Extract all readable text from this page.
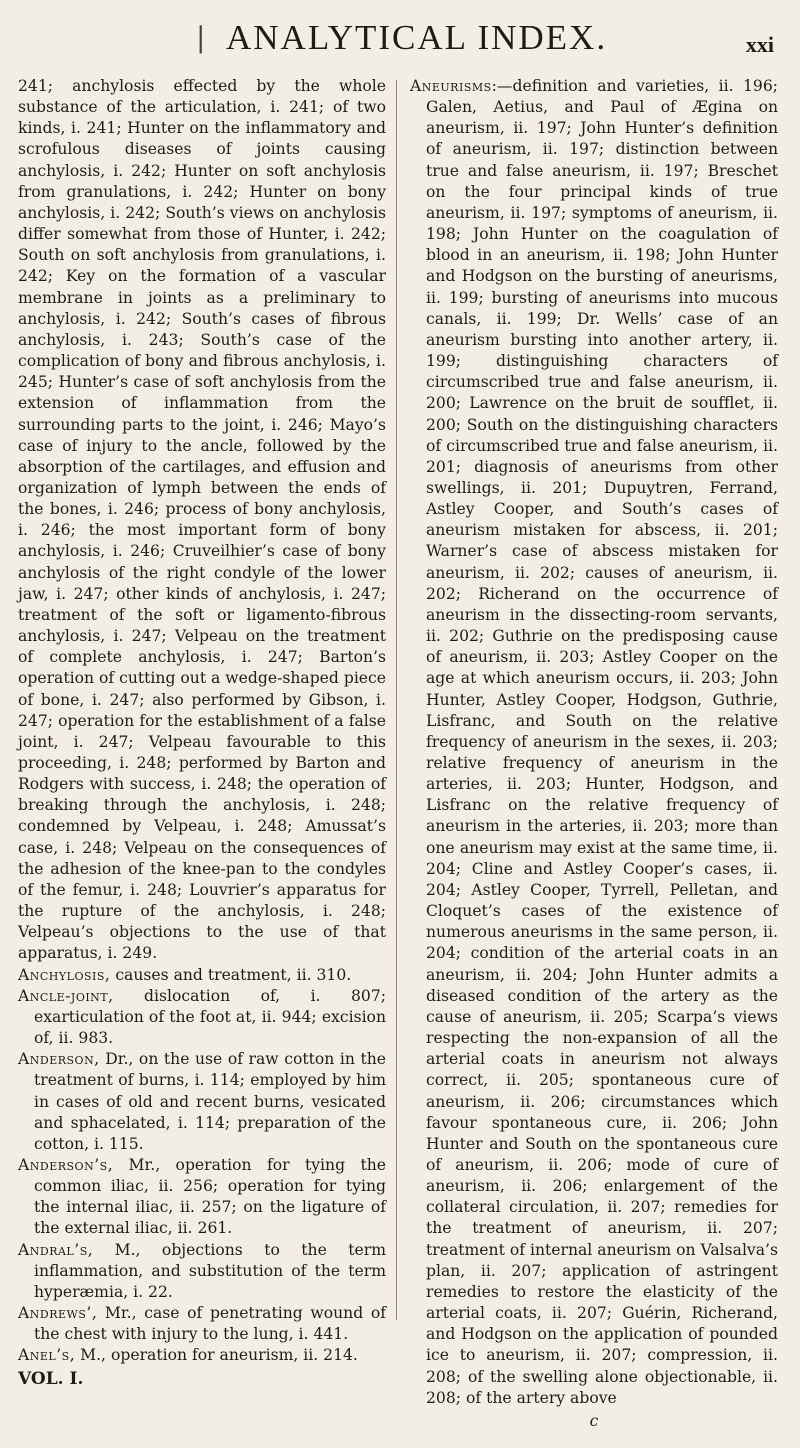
| ANALYTICAL INDEX.	xxi

241; anchylosis effected by the whole substance of the articulation, i. 241; of two kinds, i. 241; Hunter on the inflammatory and scrofulous diseases of joints causing anchylosis, i. 242; Hunter on soft anchylosis from granulations, i. 242; Hunter on bony anchylosis, i. 242; South’s views on anchylosis differ somewhat from those of Hunter, i. 242; South on soft anchylosis from granulations, i. 242; Key on the formation of a vascular membrane in joints as a preliminary to anchylosis, i. 242; South’s cases of fibrous anchylosis, i. 243; South’s case of the complication of bony and fibrous anchylosis, i. 245; Hunter’s case of soft anchylosis from the extension of inflammation from the surrounding parts to the joint, i. 246; Mayo’s case of injury to the ancle, followed by the absorption of the cartilages, and effusion and organization of lymph between the ends of the bones, i. 246; process of bony anchylosis, i. 246; the most important form of bony anchylosis, i. 246; Cruveilhier’s case of bony anchylosis of the right condyle of the lower jaw, i. 247; other kinds of anchylosis, i. 247; treatment of the soft or ligamento-fibrous anchylosis, i. 247; Velpeau on the treatment of complete anchylosis, i. 247; Barton’s operation of cutting out a wedge-shaped piece of bone, i. 247; also performed by Gibson, i. 247; operation for the establishment of a false joint, i. 247; Velpeau favourable to this proceeding, i. 248; performed by Barton and Rodgers with success, i. 248; the operation of breaking through the anchylosis, i. 248; condemned by Velpeau, i. 248; Amussat’s case, i. 248; Velpeau on the consequences of the adhesion of the knee-pan to the condyles of the femur, i. 248; Louvrier’s apparatus for the rupture of the anchylosis, i. 248; Velpeau’s objections to the use of that apparatus, i. 249.

Anchylosis, causes and treatment, ii. 310.

Ancle-joint, dislocation of, i. 807; exarticulation of the foot at, ii. 944; excision of, ii. 983.

Anderson, Dr., on the use of raw cotton in the treatment of burns, i. 114; employed by him in cases of old and recent burns, vesicated and sphacelated, i. 114; preparation of the cotton, i. 115.

Anderson’s, Mr., operation for tying the common iliac, ii. 256; operation for tying the internal iliac, ii. 257; on the ligature of the external iliac, ii. 261.

Andral’s, M., objections to the term inflammation, and substitution of the term hyperæmia, i. 22.

Andrews’, Mr., case of penetrating wound of the chest with injury to the lung, i. 441.

Anel’s, M., operation for aneurism, ii. 214.

VOL. I.

Aneurisms:—definition and varieties, ii. 196; Galen, Aetius, and Paul of Ægina on aneurism, ii. 197; John Hunter’s definition of aneurism, ii. 197; distinction between true and false aneurism, ii. 197; Breschet on the four principal kinds of true aneurism, ii. 197; symptoms of aneurism, ii. 198; John Hunter on the coagulation of blood in an aneurism, ii. 198; John Hunter and Hodgson on the bursting of aneurisms, ii. 199; bursting of aneurisms into mucous canals, ii. 199; Dr. Wells’ case of an aneurism bursting into another artery, ii. 199; distinguishing characters of circumscribed true and false aneurism, ii. 200; Lawrence on the bruit de soufflet, ii. 200; South on the distinguishing characters of circumscribed true and false aneurism, ii. 201; diagnosis of aneurisms from other swellings, ii. 201; Dupuytren, Ferrand, Astley Cooper, and South’s cases of aneurism mistaken for abscess, ii. 201; Warner’s case of abscess mistaken for aneurism, ii. 202; causes of aneurism, ii. 202; Richerand on the occurrence of aneurism in the dissecting-room servants, ii. 202; Guthrie on the predisposing cause of aneurism, ii. 203; Astley Cooper on the age at which aneurism occurs, ii. 203; John Hunter, Astley Cooper, Hodgson, Guthrie, Lisfranc, and South on the relative frequency of aneurism in the sexes, ii. 203; relative frequency of aneurism in the arteries, ii. 203; Hunter, Hodgson, and Lisfranc on the relative frequency of aneurism in the arteries, ii. 203; more than one aneurism may exist at the same time, ii. 204; Cline and Astley Cooper’s cases, ii. 204; Astley Cooper, Tyrrell, Pelletan, and Cloquet’s cases of the existence of numerous aneurisms in the same person, ii. 204; condition of the arterial coats in an aneurism, ii. 204; John Hunter admits a diseased condition of the artery as the cause of aneurism, ii. 205; Scarpa’s views respecting the non-expansion of all the arterial coats in aneurism not always correct, ii. 205; spontaneous cure of aneurism, ii. 206; circumstances which favour spontaneous cure, ii. 206; John Hunter and South on the spontaneous cure of aneurism, ii. 206; mode of cure of aneurism, ii. 206; enlargement of the collateral circulation, ii. 207; remedies for the treatment of aneurism, ii. 207; treatment of internal aneurism on Valsalva’s plan, ii. 207; application of astringent remedies to restore the elasticity of the arterial coats, ii. 207; Guérin, Richerand, and Hodgson on the application of pounded ice to aneurism, ii. 207; compression, ii. 208; of the swelling alone objectionable, ii. 208; of the artery above

c
